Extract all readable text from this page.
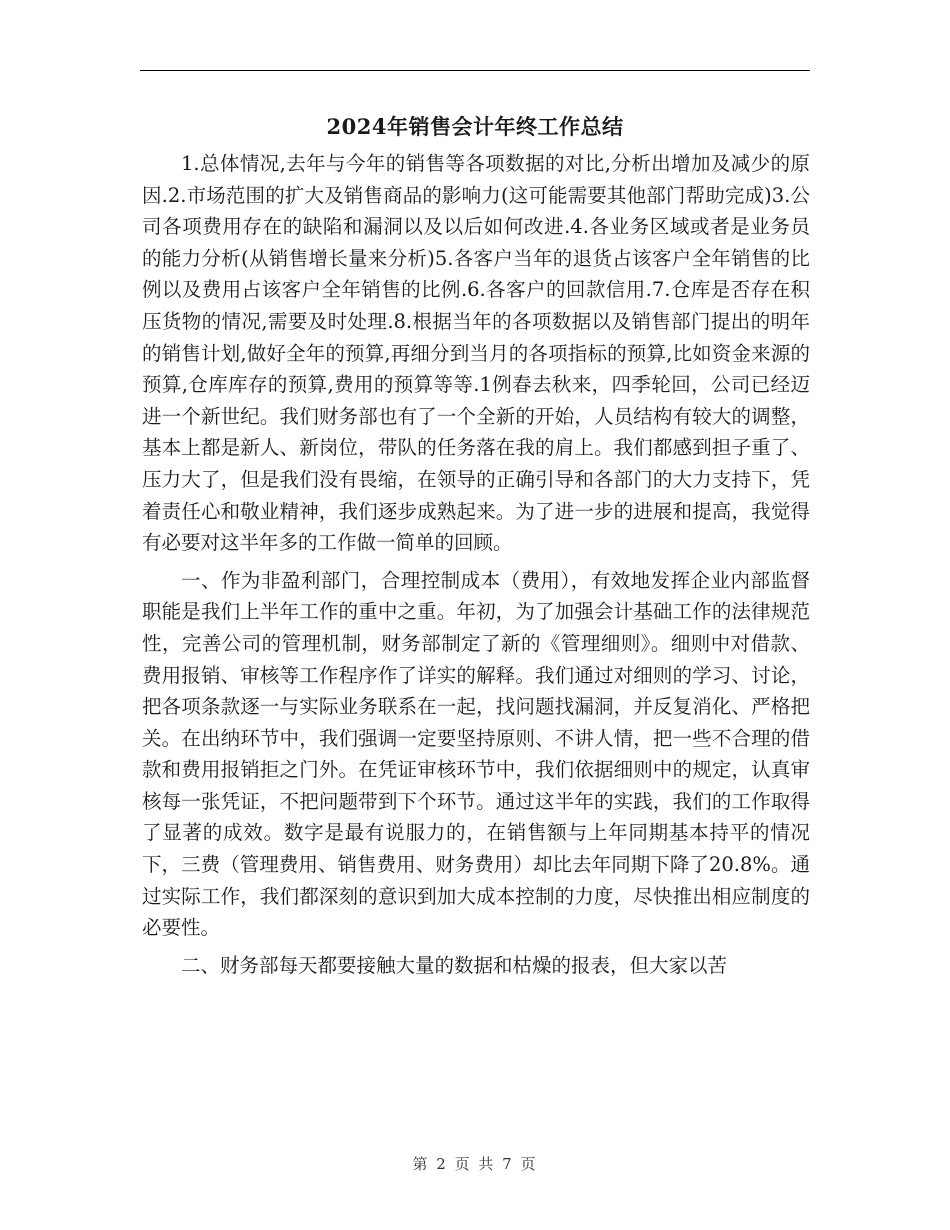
2024年销售会计年终工作总结

1.总体情况,去年与今年的销售等各项数据的对比,分析出增加及减少的原因.2.市场范围的扩大及销售商品的影响力(这可能需要其他部门帮助完成)3.公司各项费用存在的缺陷和漏洞以及以后如何改进.4.各业务区域或者是业务员的能力分析(从销售增长量来分析)5.各客户当年的退货占该客户全年销售的比例以及费用占该客户全年销售的比例.6.各客户的回款信用.7.仓库是否存在积压货物的情况,需要及时处理.8.根据当年的各项数据以及销售部门提出的明年的销售计划,做好全年的预算,再细分到当月的各项指标的预算,比如资金来源的预算,仓库库存的预算,费用的预算等等.1例春去秋来，四季轮回，公司已经迈进一个新世纪。我们财务部也有了一个全新的开始，人员结构有较大的调整，基本上都是新人、新岗位，带队的任务落在我的肩上。我们都感到担子重了、压力大了，但是我们没有畏缩，在领导的正确引导和各部门的大力支持下，凭着责任心和敬业精神，我们逐步成熟起来。为了进一步的进展和提高，我觉得有必要对这半年多的工作做一简单的回顾。

一、作为非盈利部门，合理控制成本（费用），有效地发挥企业内部监督职能是我们上半年工作的重中之重。年初，为了加强会计基础工作的法律规范性，完善公司的管理机制，财务部制定了新的《管理细则》。细则中对借款、费用报销、审核等工作程序作了详实的解释。我们通过对细则的学习、讨论，把各项条款逐一与实际业务联系在一起，找问题找漏洞，并反复消化、严格把关。在出纳环节中，我们强调一定要坚持原则、不讲人情，把一些不合理的借款和费用报销拒之门外。在凭证审核环节中，我们依据细则中的规定，认真审核每一张凭证，不把问题带到下个环节。通过这半年的实践，我们的工作取得了显著的成效。数字是最有说服力的，在销售额与上年同期基本持平的情况下，三费（管理费用、销售费用、财务费用）却比去年同期下降了20.8%。通过实际工作，我们都深刻的意识到加大成本控制的力度，尽快推出相应制度的必要性。

二、财务部每天都要接触大量的数据和枯燥的报表，但大家以苦

第 2 页 共 7 页
